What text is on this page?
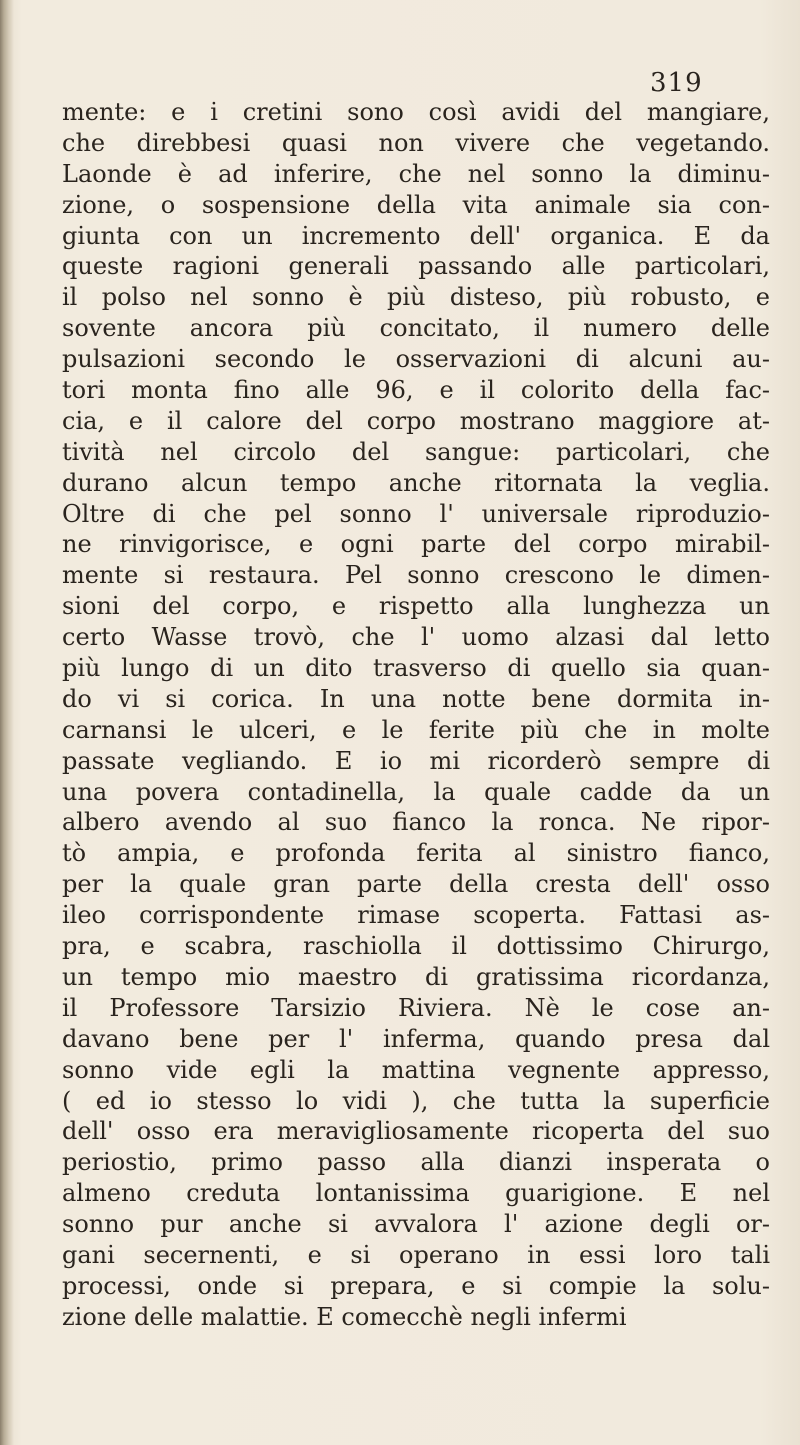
319
mente: e i cretini sono così avidi del mangiare,
che direbbesi quasi non vivere che vegetando.
Laonde è ad inferire, che nel sonno la diminu-
zione, o sospensione della vita animale sia con-
giunta con un incremento dell' organica. E da
queste ragioni generali passando alle particolari,
il polso nel sonno è più disteso, più robusto, e
sovente ancora più concitato, il numero delle
pulsazioni secondo le osservazioni di alcuni au-
tori monta fino alle 96, e il colorito della fac-
cia, e il calore del corpo mostrano maggiore at-
tività nel circolo del sangue: particolari, che
durano alcun tempo anche ritornata la veglia.
Oltre di che pel sonno l' universale riproduzio-
ne rinvigorisce, e ogni parte del corpo mirabil-
mente si restaura. Pel sonno crescono le dimen-
sioni del corpo, e rispetto alla lunghezza un
certo Wasse trovò, che l' uomo alzasi dal letto
più lungo di un dito trasverso di quello sia quan-
do vi si corica. In una notte bene dormita in-
carnansi le ulceri, e le ferite più che in molte
passate vegliando. E io mi ricorderò sempre di
una povera contadinella, la quale cadde da un
albero avendo al suo fianco la ronca. Ne ripor-
tò ampia, e profonda ferita al sinistro fianco,
per la quale gran parte della cresta dell' osso
ileo corrispondente rimase scoperta. Fattasi as-
pra, e scabra, raschiolla il dottissimo Chirurgo,
un tempo mio maestro di gratissima ricordanza,
il Professore Tarsizio Riviera. Nè le cose an-
davano bene per l' inferma, quando presa dal
sonno vide egli la mattina vegnente appresso,
( ed io stesso lo vidi ), che tutta la superficie
dell' osso era meravigliosamente ricoperta del suo
periostio, primo passo alla dianzi insperata o
almeno creduta lontanissima guarigione. E nel
sonno pur anche si avvalora l' azione degli or-
gani secernenti, e si operano in essi loro tali
processi, onde si prepara, e si compie la solu-
zione delle malattie. E comecchè negli infermi
